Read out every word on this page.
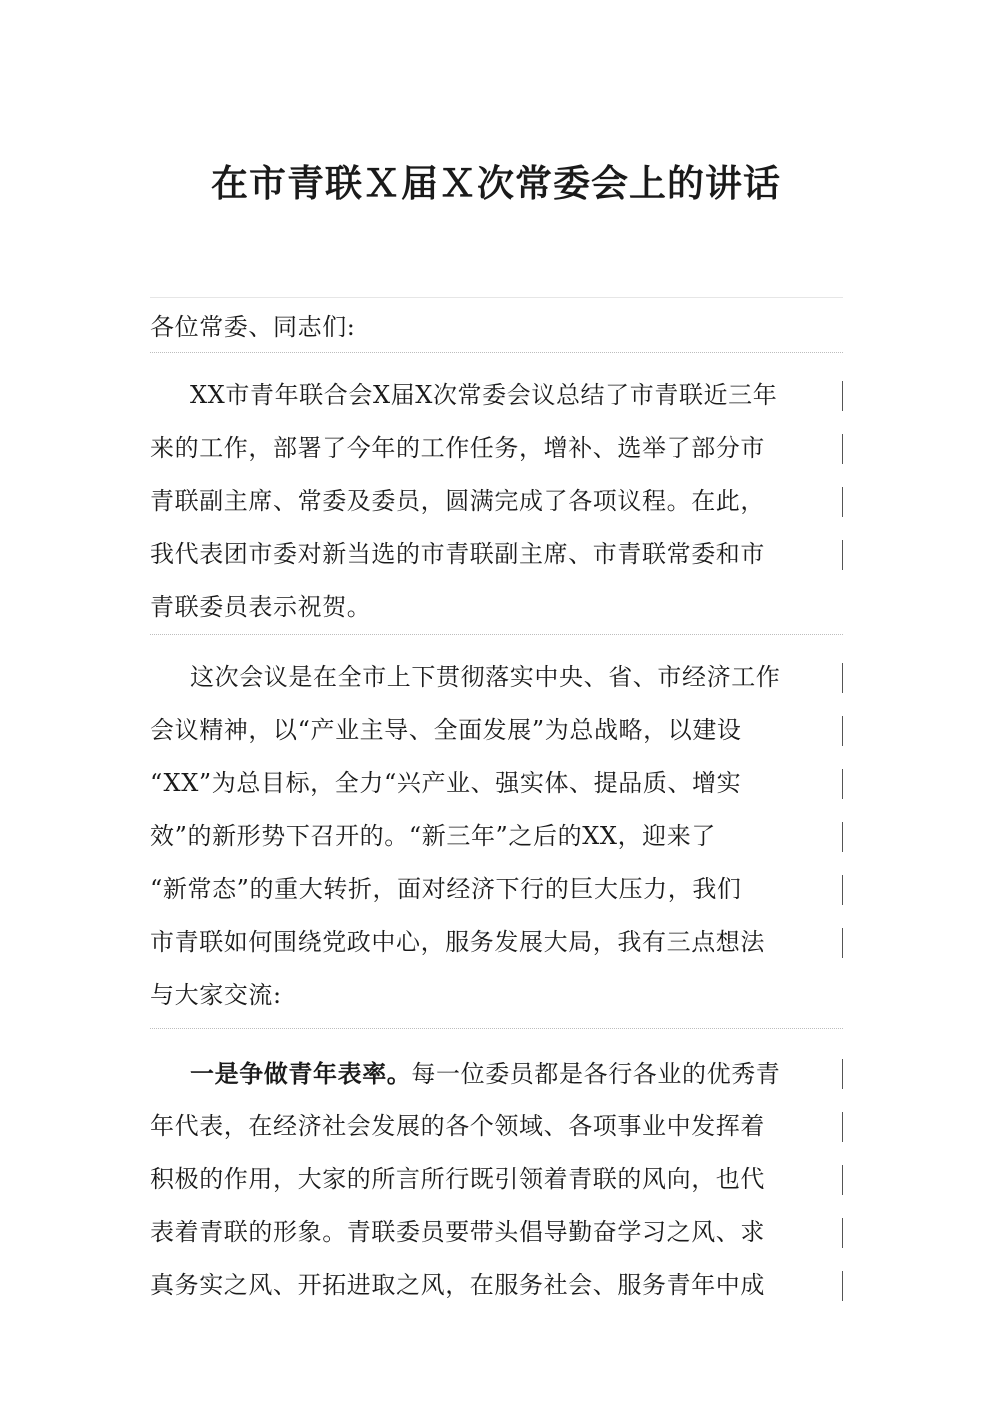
在市青联Ｘ届Ｘ次常委会上的讲话
各位常委、同志们:
XX市青年联合会X届X次常委会议总结了市青联近三年
来的工作，部署了今年的工作任务，增补、选举了部分市
青联副主席、常委及委员，圆满完成了各项议程。在此，
我代表团市委对新当选的市青联副主席、市青联常委和市
青联委员表示祝贺。
这次会议是在全市上下贯彻落实中央、省、市经济工作
会议精神，以“产业主导、全面发展”为总战略，以建设
“XX”为总目标，全力“兴产业、强实体、提品质、增实
效”的新形势下召开的。“新三年”之后的XX，迎来了
“新常态”的重大转折，面对经济下行的巨大压力，我们
市青联如何围绕党政中心，服务发展大局，我有三点想法
与大家交流:
一是争做青年表率。每一位委员都是各行各业的优秀青
年代表，在经济社会发展的各个领域、各项事业中发挥着
积极的作用，大家的所言所行既引领着青联的风向，也代
表着青联的形象。青联委员要带头倡导勤奋学习之风、求
真务实之风、开拓进取之风，在服务社会、服务青年中成
